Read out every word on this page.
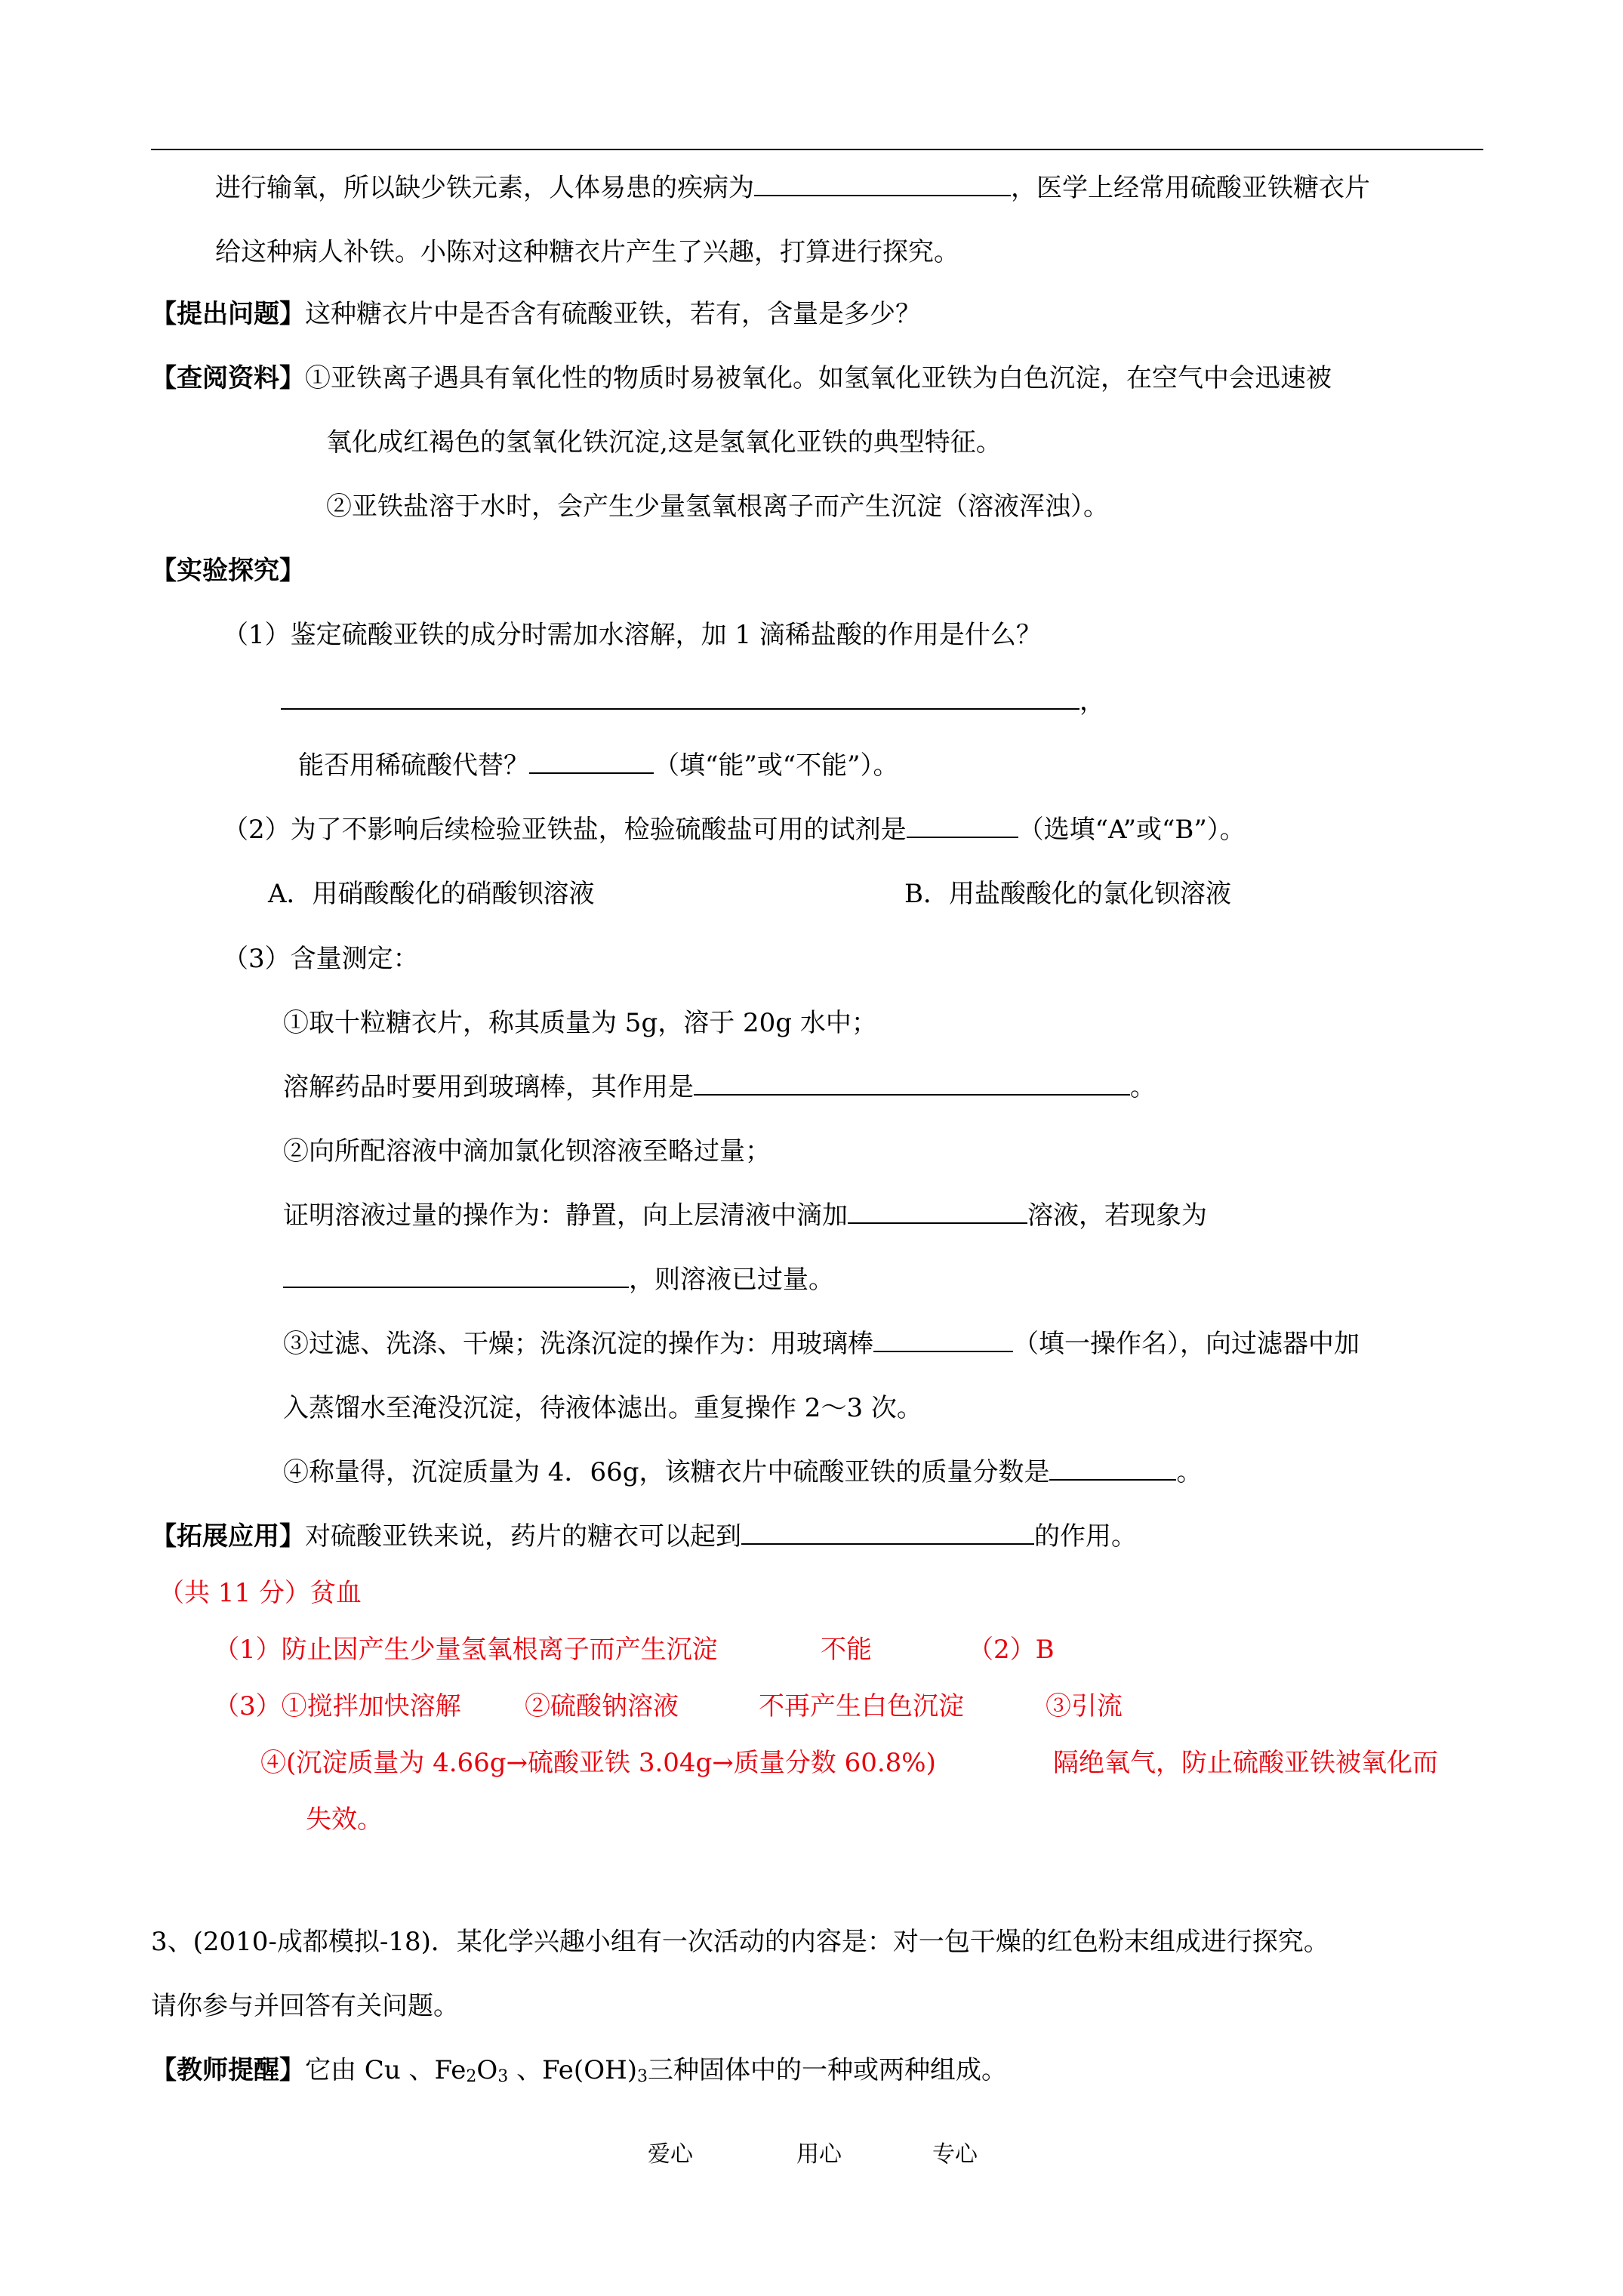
进行输氧，所以缺少铁元素，人体易患的疾病为	，医学上经常用硫酸亚铁糖衣片
给这种病人补铁。小陈对这种糖衣片产生了兴趣，打算进行探究。
【提出问题】这种糖衣片中是否含有硫酸亚铁，若有，含量是多少？
【查阅资料】①亚铁离子遇具有氧化性的物质时易被氧化。如氢氧化亚铁为白色沉淀，在空气中会迅速被
氧化成红褐色的氢氧化铁沉淀,这是氢氧化亚铁的典型特征。
②亚铁盐溶于水时，会产生少量氢氧根离子而产生沉淀（溶液浑浊）。
【实验探究】
（1）鉴定硫酸亚铁的成分时需加水溶解，加 1 滴稀盐酸的作用是什么？
，
能否用稀硫酸代替？	（填“能”或“不能”）。
（2）为了不影响后续检验亚铁盐，检验硫酸盐可用的试剂是	（选填“A”或“B”）。
A．用硝酸酸化的硝酸钡溶液	B．用盐酸酸化的氯化钡溶液
（3）含量测定：
①取十粒糖衣片，称其质量为 5g，溶于 20g 水中；
溶解药品时要用到玻璃棒，其作用是	。
②向所配溶液中滴加氯化钡溶液至略过量；
证明溶液过量的操作为：静置，向上层清液中滴加	溶液，若现象为
，则溶液已过量。
③过滤、洗涤、干燥；洗涤沉淀的操作为：用玻璃棒	（填一操作名），向过滤器中加
入蒸馏水至淹没沉淀，待液体滤出。重复操作 2～3 次。
④称量得，沉淀质量为 4．66g，该糖衣片中硫酸亚铁的质量分数是	。
【拓展应用】对硫酸亚铁来说，药片的糖衣可以起到	的作用。
（共 11 分）贫血
（1）防止因产生少量氢氧根离子而产生沉淀	不能	（2）B
（3）①搅拌加快溶解 ②硫酸钠溶液	不再产生白色沉淀	③引流
④(沉淀质量为 4.66g→硫酸亚铁 3.04g→质量分数 60.8%)	隔绝氧气，防止硫酸亚铁被氧化而
失效。
3、(2010-成都模拟-18)．某化学兴趣小组有一次活动的内容是：对一包干燥的红色粉末组成进行探究。
请你参与并回答有关问题。
【教师提醒】它由 Cu 、$Fe_2O_3$ 、$Fe(OH)_3$三种固体中的一种或两种组成。
爱心	用心	专心
